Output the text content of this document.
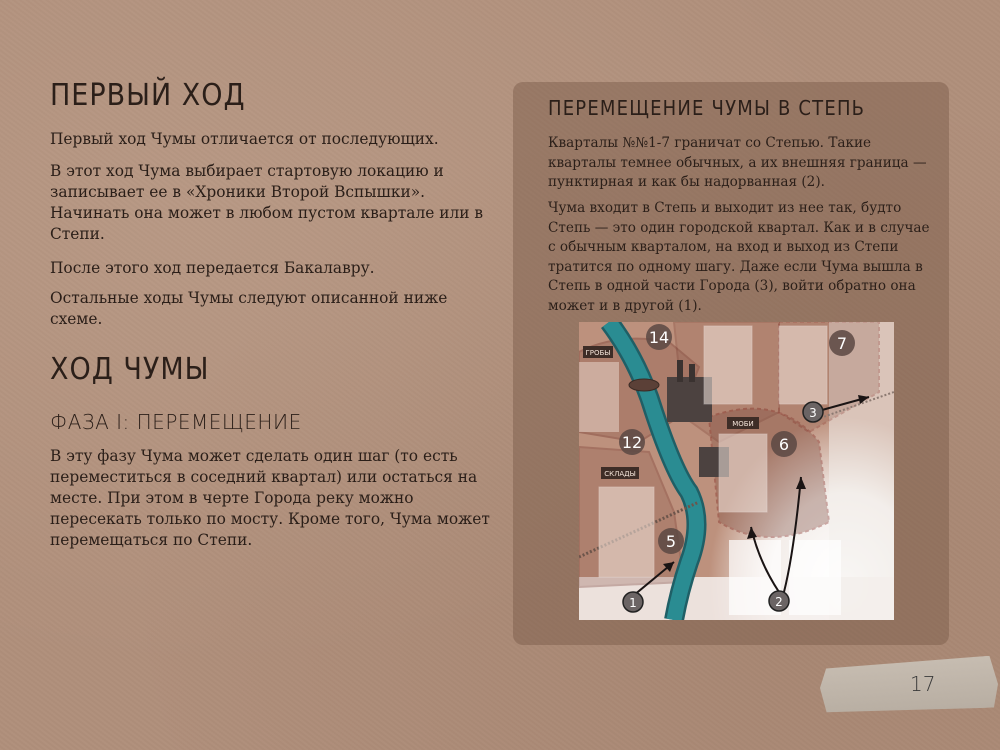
ПЕРВЫЙ ХОД

Первый ход Чумы отличается от последующих.

В этот ход Чума выбирает стартовую локацию и записывает ее в «Хроники Второй Вспышки». Начинать она может в любом пустом квартале или в Степи.

После этого ход передается Бакалавру.

Остальные ходы Чумы следуют описанной ниже схеме.

ХОД ЧУМЫ
ФАЗА I: ПЕРЕМЕЩЕНИЕ

В эту фазу Чума может сделать один шаг (то есть переместиться в соседний квартал) или остаться на месте. При этом в черте Города реку можно пересекать только по мосту. Кроме того, Чума может перемещаться по Степи.

ПЕРЕМЕЩЕНИЕ ЧУМЫ В СТЕПЬ

Кварталы №№1-7 граничат со Степью. Такие кварталы темнее обычных, а их внешняя граница — пунктирная и как бы надорванная (2).

Чума входит в Степь и выходит из нее так, будто Степь — это один городской квартал. Как и в случае с обычным кварталом, на вход и выход из Степи тратится по одному шагу. Даже если Чума вышла в Степь в одной части Города (3), войти обратно она может и в другой (1).

ГРОБЫ
МОБИ
СКЛАДЫ
14	7
12	6
5
1	2
3
17
